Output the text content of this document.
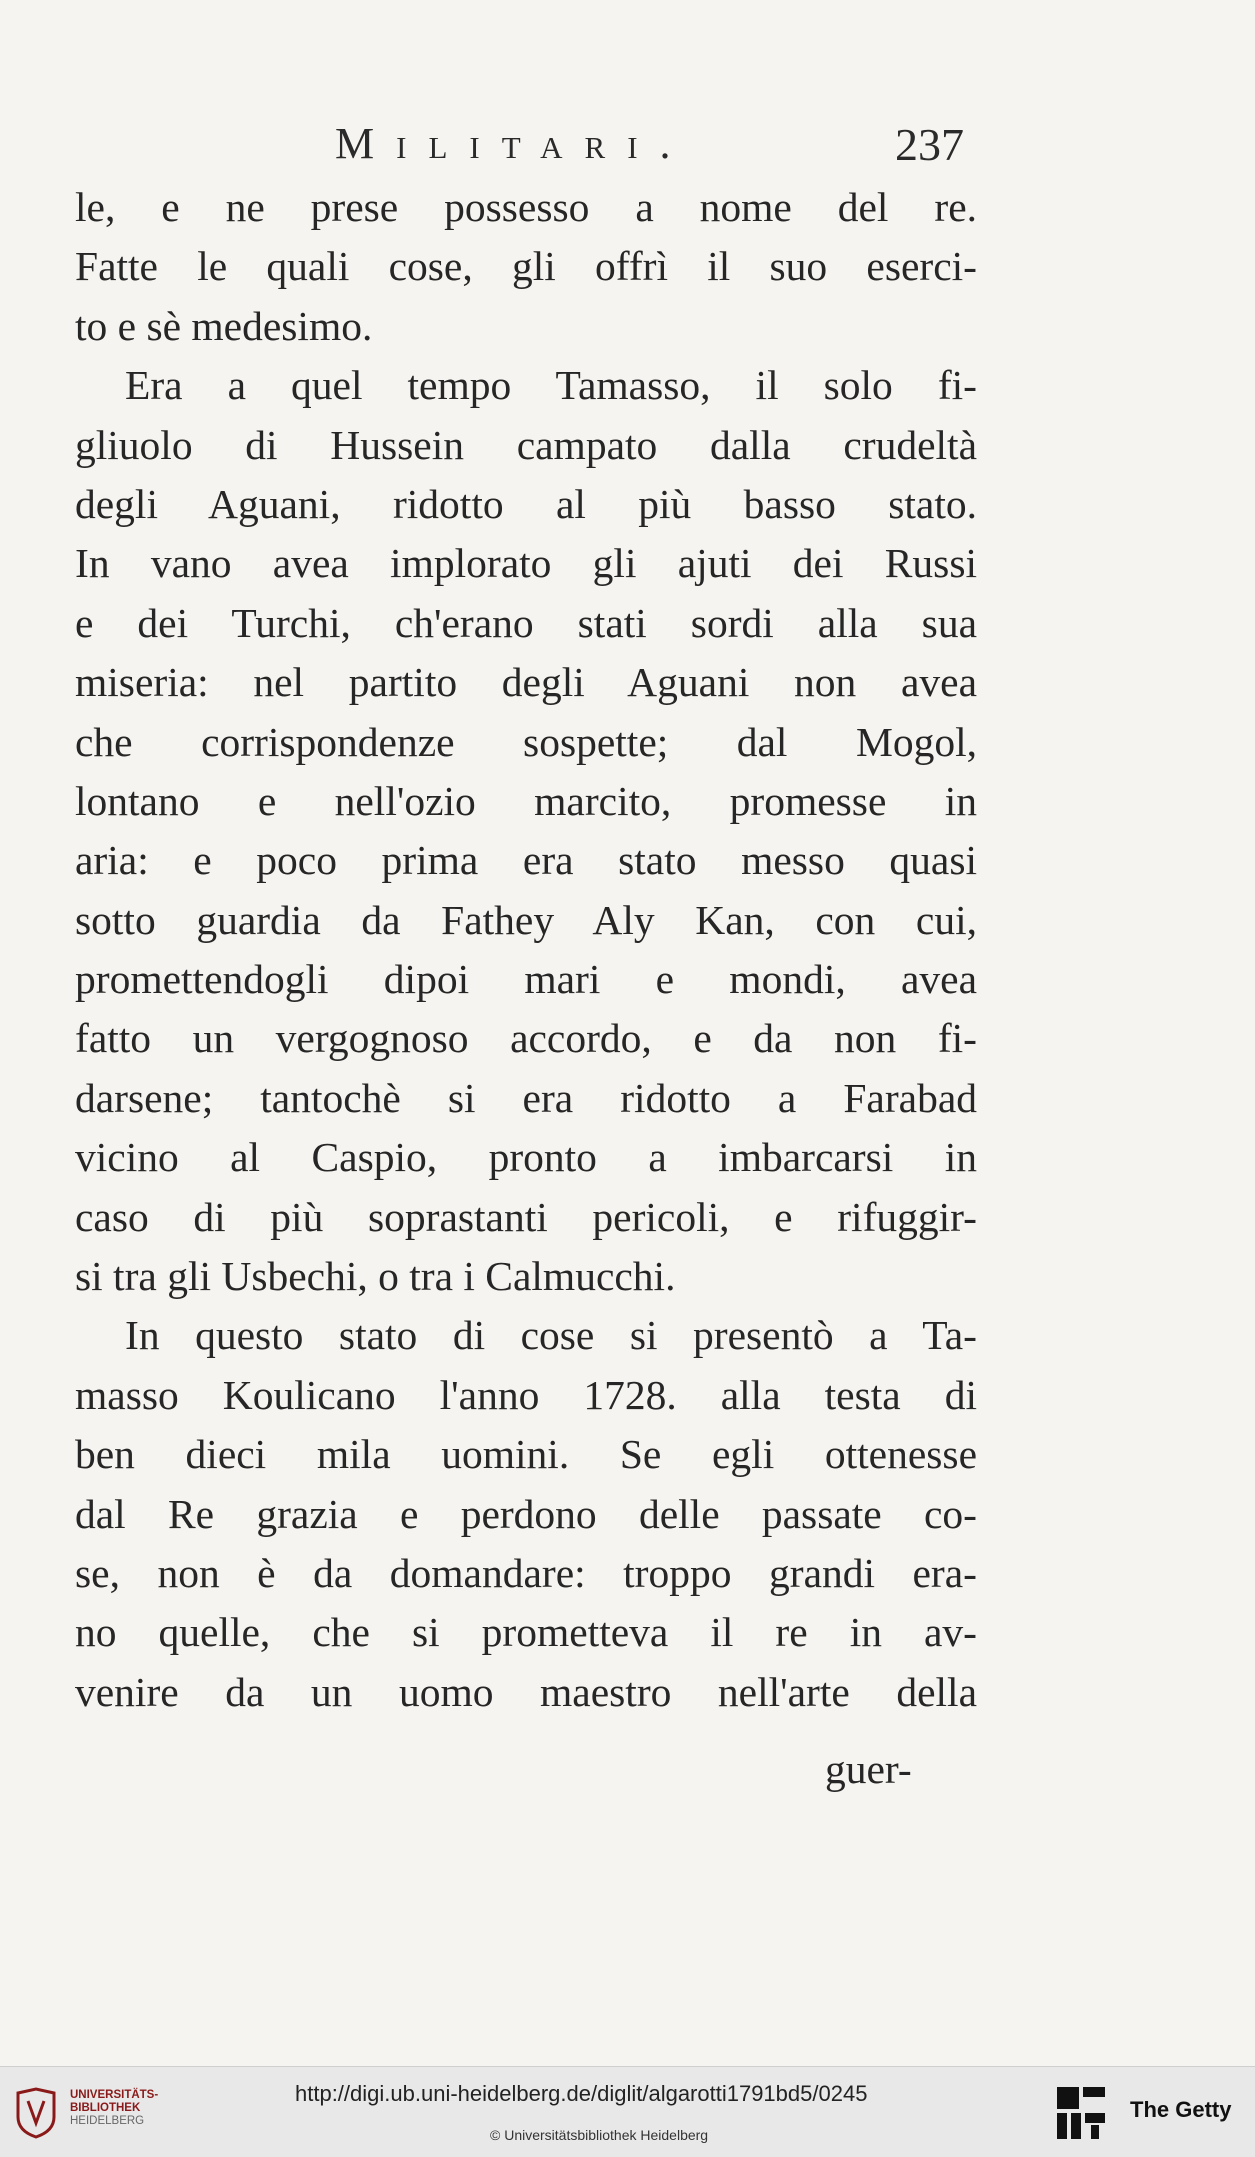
Militari.	237
le, e ne prese possesso a nome del re.
Fatte le quali cose, gli offrì il suo eserci-
to e sè medesimo.
Era a quel tempo Tamasso, il solo fi-
gliuolo di Hussein campato dalla crudeltà
degli Aguani, ridotto al più basso stato.
In vano avea implorato gli ajuti dei Russi
e dei Turchi, ch'erano stati sordi alla sua
miseria: nel partito degli Aguani non avea
che corrispondenze sospette; dal Mogol,
lontano e nell'ozio marcito, promesse in
aria: e poco prima era stato messo quasi
sotto guardia da Fathey Aly Kan, con cui,
promettendogli dipoi mari e mondi, avea
fatto un vergognoso accordo, e da non fi-
darsene; tantochè si era ridotto a Farabad
vicino al Caspio, pronto a imbarcarsi in
caso di più soprastanti pericoli, e rifuggir-
si tra gli Usbechi, o tra i Calmucchi.
In questo stato di cose si presentò a Ta-
masso Koulicano l'anno 1728. alla testa di
ben dieci mila uomini. Se egli ottenesse
dal Re grazia e perdono delle passate co-
se, non è da domandare: troppo grandi era-
no quelle, che si prometteva il re in av-
venire da un uomo maestro nell'arte della
guer-
UNIVERSITÄTS-
BIBLIOTHEK
HEIDELBERG
http://digi.ub.uni-heidelberg.de/diglit/algarotti1791bd5/0245
© Universitätsbibliothek Heidelberg
The Getty
